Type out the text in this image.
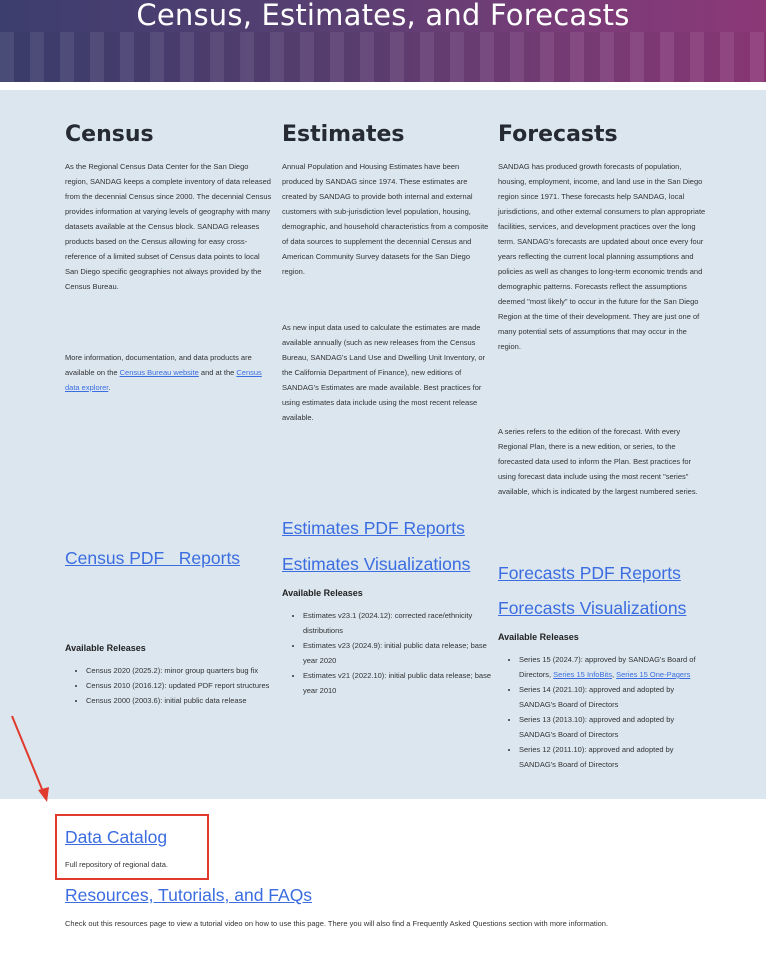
Census, Estimates, and Forecasts
Census

As the Regional Census Data Center for the San Diego region, SANDAG keeps a complete inventory of data released from the decennial Census since 2000. The decennial Census provides information at varying levels of geography with many datasets available at the Census block. SANDAG releases products based on the Census allowing for easy cross-reference of a limited subset of Census data points to local San Diego specific geographies not always provided by the Census Bureau.

More information, documentation, and data products are available on the Census Bureau website and at the Census data explorer.

Census PDF   Reports

Available Releases

• Census 2020 (2025.2): minor group quarters bug fix
• Census 2010 (2016.12): updated PDF report structures
• Census 2000 (2003.6): initial public data release
Estimates

Annual Population and Housing Estimates have been produced by SANDAG since 1974. These estimates are created by SANDAG to provide both internal and external customers with sub-jurisdiction level population, housing, demographic, and household characteristics from a composite of data sources to supplement the decennial Census and American Community Survey datasets for the San Diego region.

As new input data used to calculate the estimates are made available annually (such as new releases from the Census Bureau, SANDAG's Land Use and Dwelling Unit Inventory, or the California Department of Finance), new editions of SANDAG's Estimates are made available. Best practices for using estimates data include using the most recent release available.

Estimates PDF Reports
Estimates Visualizations

Available Releases

• Estimates v23.1 (2024.12): corrected race/ethnicity distributions
• Estimates v23 (2024.9): initial public data release; base year 2020
• Estimates v21 (2022.10): initial public data release; base year 2010
Forecasts

SANDAG has produced growth forecasts of population, housing, employment, income, and land use in the San Diego region since 1971. These forecasts help SANDAG, local jurisdictions, and other external consumers to plan appropriate facilities, services, and development practices over the long term. SANDAG's forecasts are updated about once every four years reflecting the current local planning assumptions and policies as well as changes to long-term economic trends and demographic patterns. Forecasts reflect the assumptions deemed "most likely" to occur in the future for the San Diego Region at the time of their development. They are just one of many potential sets of assumptions that may occur in the region.

A series refers to the edition of the forecast. With every Regional Plan, there is a new edition, or series, to the forecasted data used to inform the Plan. Best practices for using forecast data include using the most recent "series" available, which is indicated by the largest numbered series.

Forecasts PDF Reports
Forecasts Visualizations

Available Releases

• Series 15 (2024.7): approved by SANDAG's Board of Directors, Series 15 InfoBits, Series 15 One-Pagers
• Series 14 (2021.10): approved and adopted by SANDAG's Board of Directors
• Series 13 (2013.10): approved and adopted by SANDAG's Board of Directors
• Series 12 (2011.10): approved and adopted by SANDAG's Board of Directors
Data Catalog
Full repository of regional data.
Resources, Tutorials, and FAQs
Check out this resources page to view a tutorial video on how to use this page. There you will also find a Frequently Asked Questions section with more information.
